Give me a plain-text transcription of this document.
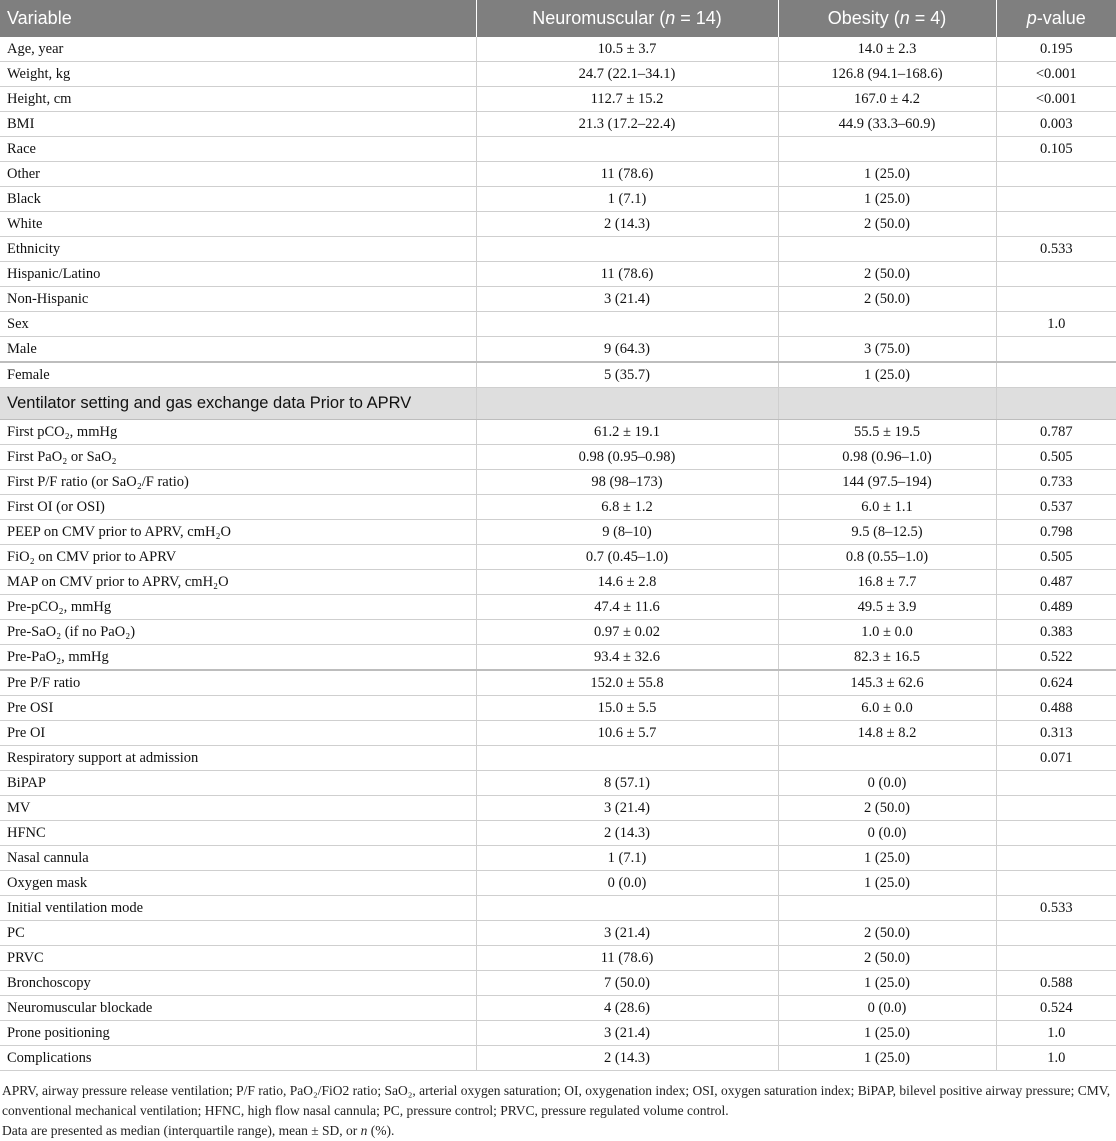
Variable	Neuromuscular (n = 14)	Obesity (n = 4)	p-value
Age, year	10.5 ± 3.7	14.0 ± 2.3	0.195
Weight, kg	24.7 (22.1–34.1)	126.8 (94.1–168.6)	<0.001
Height, cm	112.7 ± 15.2	167.0 ± 4.2	<0.001
BMI	21.3 (17.2–22.4)	44.9 (33.3–60.9)	0.003
Race			0.105
Other	11 (78.6)	1 (25.0)	
Black	1 (7.1)	1 (25.0)	
White	2 (14.3)	2 (50.0)	
Ethnicity			0.533
Hispanic/Latino	11 (78.6)	2 (50.0)	
Non-Hispanic	3 (21.4)	2 (50.0)	
Sex			1.0
Male	9 (64.3)	3 (75.0)	
Female	5 (35.7)	1 (25.0)	
Ventilator setting and gas exchange data Prior to APRV			
First pCO₂, mmHg	61.2 ± 19.1	55.5 ± 19.5	0.787
First PaO₂ or SaO₂	0.98 (0.95–0.98)	0.98 (0.96–1.0)	0.505
First P/F ratio (or SaO₂/F ratio)	98 (98–173)	144 (97.5–194)	0.733
First OI (or OSI)	6.8 ± 1.2	6.0 ± 1.1	0.537
PEEP on CMV prior to APRV, cmH₂O	9 (8–10)	9.5 (8–12.5)	0.798
FiO₂ on CMV prior to APRV	0.7 (0.45–1.0)	0.8 (0.55–1.0)	0.505
MAP on CMV prior to APRV, cmH₂O	14.6 ± 2.8	16.8 ± 7.7	0.487
Pre-pCO₂, mmHg	47.4 ± 11.6	49.5 ± 3.9	0.489
Pre-SaO₂ (if no PaO₂)	0.97 ± 0.02	1.0 ± 0.0	0.383
Pre-PaO₂, mmHg	93.4 ± 32.6	82.3 ± 16.5	0.522
Pre P/F ratio	152.0 ± 55.8	145.3 ± 62.6	0.624
Pre OSI	15.0 ± 5.5	6.0 ± 0.0	0.488
Pre OI	10.6 ± 5.7	14.8 ± 8.2	0.313
Respiratory support at admission			0.071
BiPAP	8 (57.1)	0 (0.0)	
MV	3 (21.4)	2 (50.0)	
HFNC	2 (14.3)	0 (0.0)	
Nasal cannula	1 (7.1)	1 (25.0)	
Oxygen mask	0 (0.0)	1 (25.0)	
Initial ventilation mode			0.533
PC	3 (21.4)	2 (50.0)	
PRVC	11 (78.6)	2 (50.0)	
Bronchoscopy	7 (50.0)	1 (25.0)	0.588
Neuromuscular blockade	4 (28.6)	0 (0.0)	0.524
Prone positioning	3 (21.4)	1 (25.0)	1.0
Complications	2 (14.3)	1 (25.0)	1.0

APRV, airway pressure release ventilation; P/F ratio, PaO₂/FiO2 ratio; SaO₂, arterial oxygen saturation; OI, oxygenation index; OSI, oxygen saturation index; BiPAP, bilevel positive airway pressure; CMV, conventional mechanical ventilation; HFNC, high flow nasal cannula; PC, pressure control; PRVC, pressure regulated volume control.

Data are presented as median (interquartile range), mean ± SD, or n (%).
